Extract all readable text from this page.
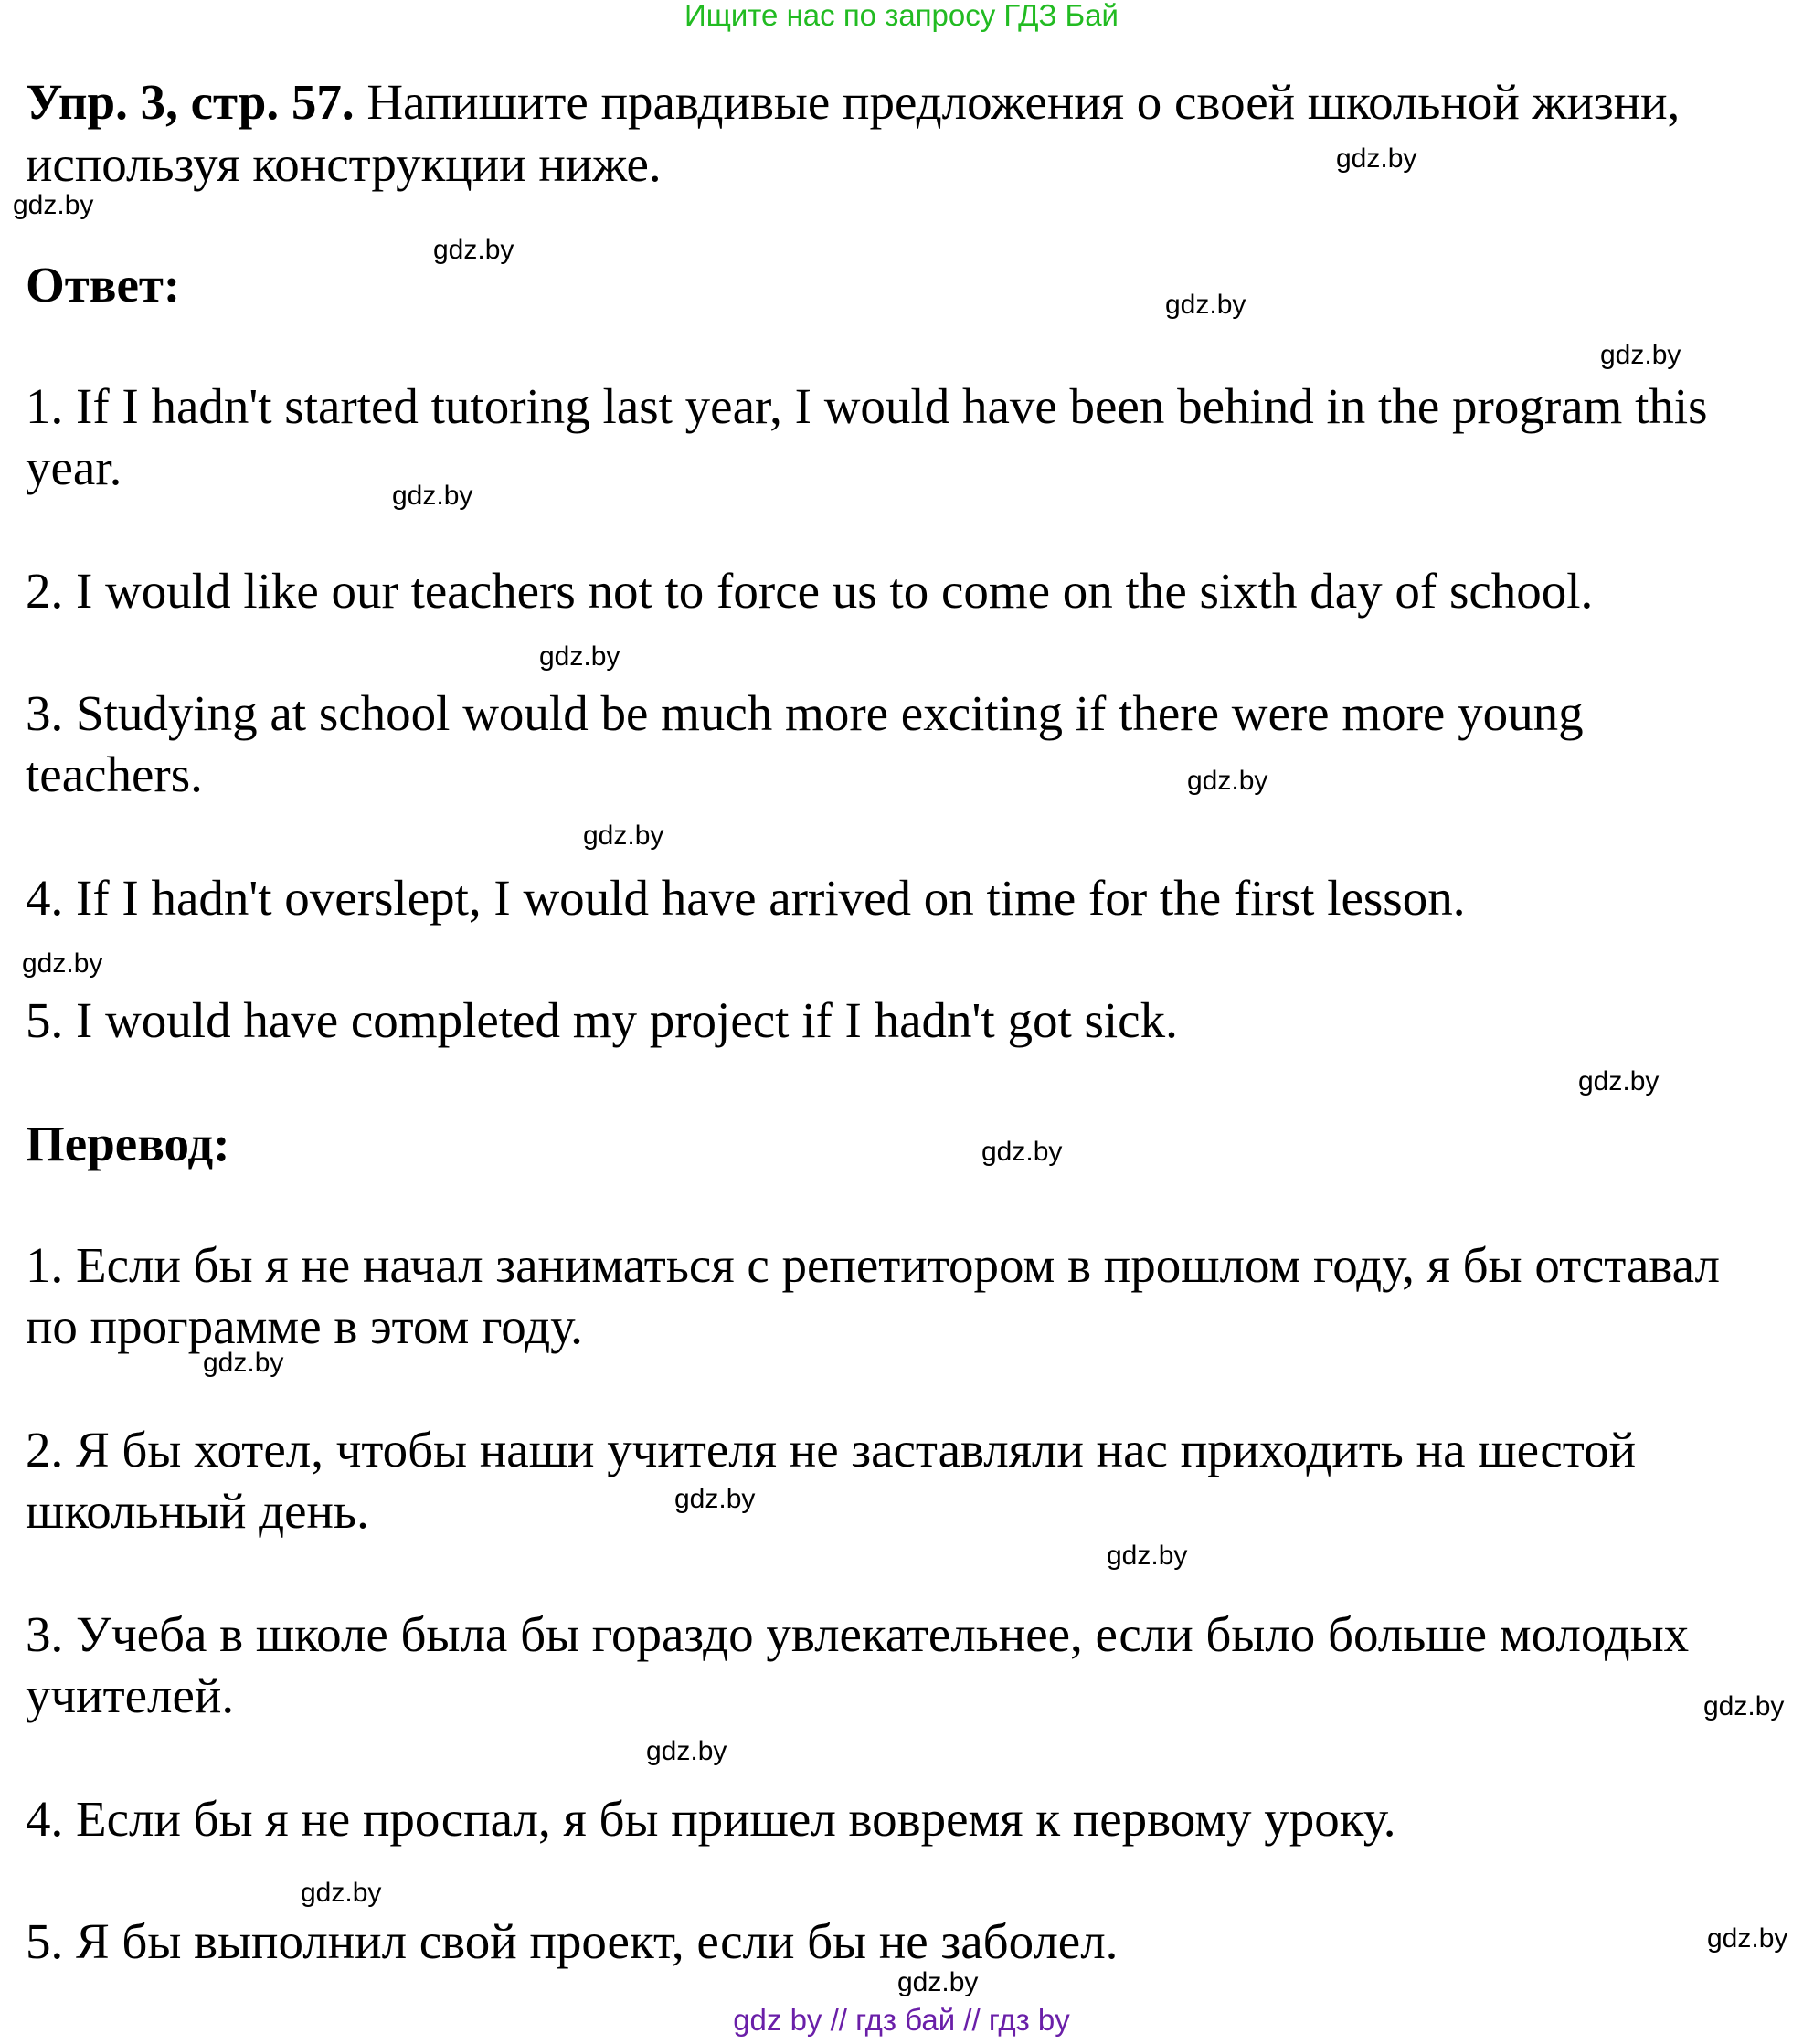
Ищите нас по запросу ГДЗ Бай
Упр. 3, стр. 57. Напишите правдивые предложения о своей школьной жизни, используя конструкции ниже.
Ответ:
1. If I hadn't started tutoring last year, I would have been behind in the program this year.
2. I would like our teachers not to force us to come on the sixth day of school.
3. Studying at school would be much more exciting if there were more young teachers.
4. If I hadn't overslept, I would have arrived on time for the first lesson.
5. I would have completed my project if I hadn't got sick.
Перевод:
1. Если бы я не начал заниматься с репетитором в прошлом году, я бы отставал по программе в этом году.
2. Я бы хотел, чтобы наши учителя не заставляли нас приходить на шестой школьный день.
3. Учеба в школе была бы гораздо увлекательнее, если было больше молодых учителей.
4. Если бы я не проспал, я бы пришел вовремя к первому уроку.
5. Я бы выполнил свой проект, если бы не заболел.
gdz.by
gdz.by
gdz.by
gdz.by
gdz.by
gdz.by
gdz.by
gdz.by
gdz.by
gdz.by
gdz.by
gdz.by
gdz.by
gdz.by
gdz.by
gdz.by
gdz.by
gdz.by
gdz.by
gdz.by
gdz by // гдз бай // гдз by
